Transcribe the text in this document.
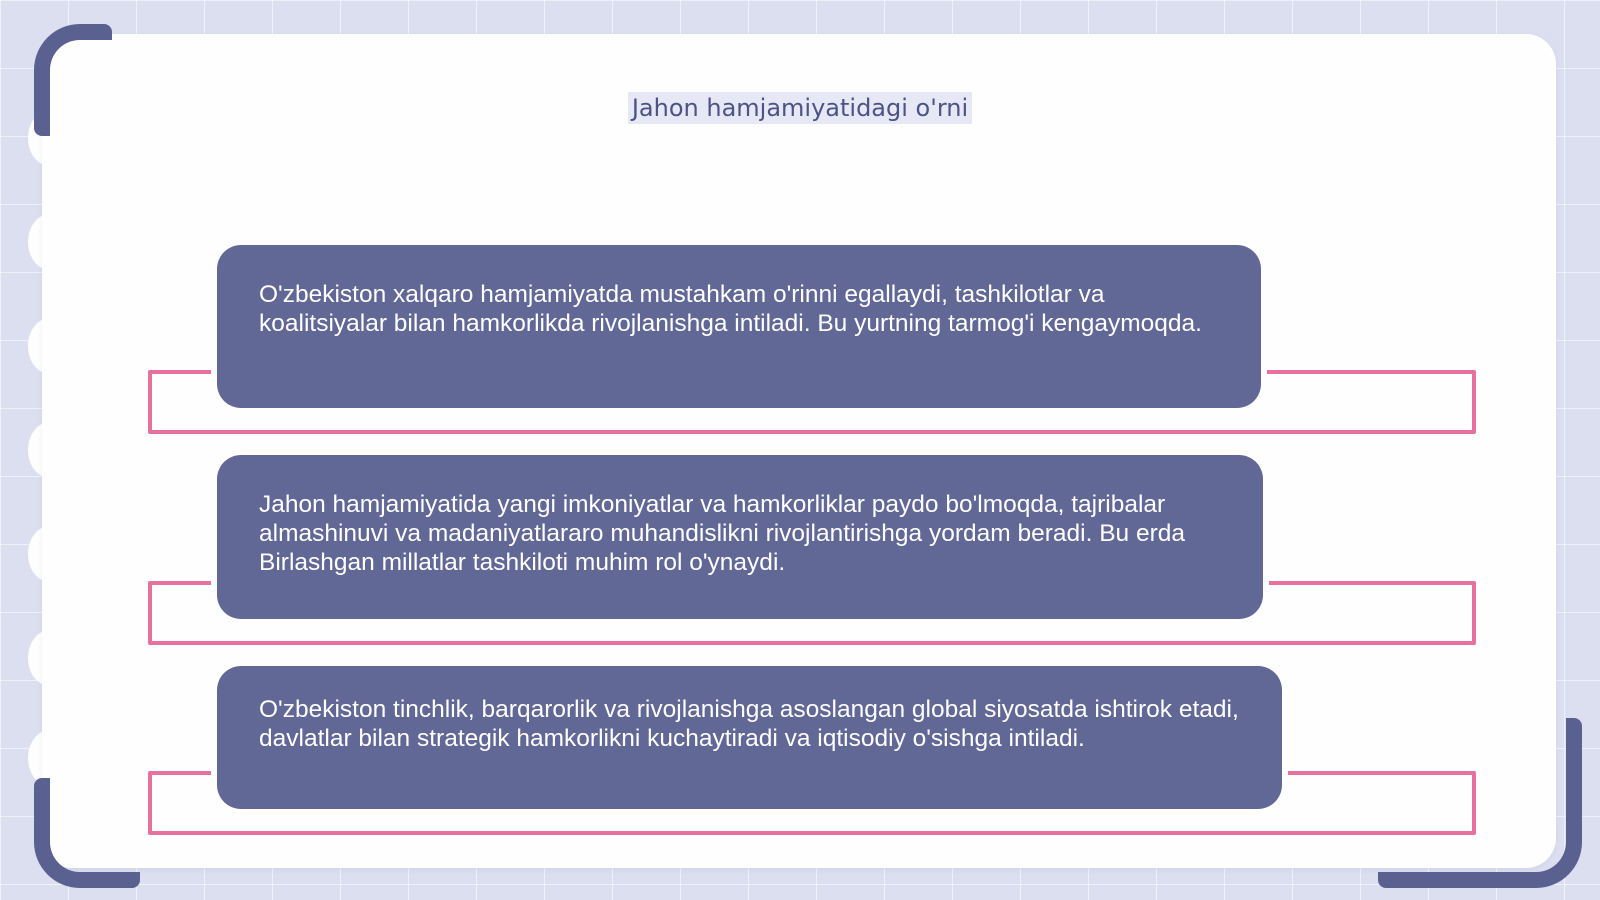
Jahon hamjamiyatidagi o'rni

O'zbekiston xalqaro hamjamiyatda mustahkam o'rinni egallaydi, tashkilotlar va koalitsiyalar bilan hamkorlikda rivojlanishga intiladi. Bu yurtning tarmog'i kengaymoqda.

Jahon hamjamiyatida yangi imkoniyatlar va hamkorliklar paydo bo'lmoqda, tajribalar almashinuvi va madaniyatlararo muhandislikni rivojlantirishga yordam beradi. Bu erda Birlashgan millatlar tashkiloti muhim rol o'ynaydi.

O'zbekiston tinchlik, barqarorlik va rivojlanishga asoslangan global siyosatda ishtirok etadi, davlatlar bilan strategik hamkorlikni kuchaytiradi va iqtisodiy o'sishga intiladi.
